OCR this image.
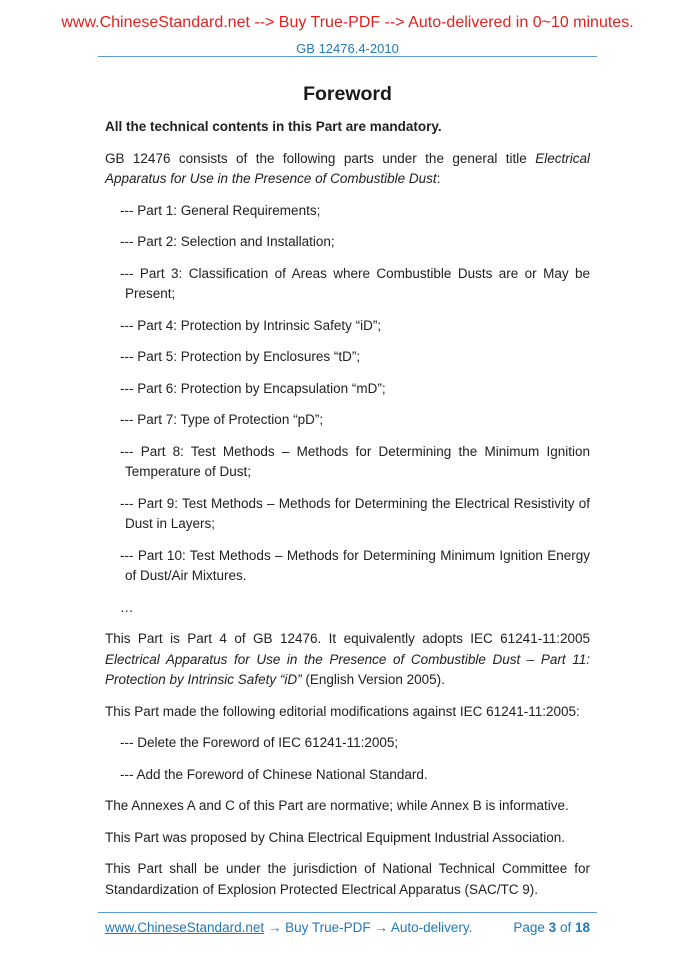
www.ChineseStandard.net --> Buy True-PDF --> Auto-delivered in 0~10 minutes.
GB 12476.4-2010
Foreword
All the technical contents in this Part are mandatory.
GB 12476 consists of the following parts under the general title Electrical Apparatus for Use in the Presence of Combustible Dust:
--- Part 1: General Requirements;
--- Part 2: Selection and Installation;
--- Part 3: Classification of Areas where Combustible Dusts are or May be Present;
--- Part 4: Protection by Intrinsic Safety “iD”;
--- Part 5: Protection by Enclosures “tD”;
--- Part 6: Protection by Encapsulation “mD”;
--- Part 7: Type of Protection “pD”;
--- Part 8: Test Methods – Methods for Determining the Minimum Ignition Temperature of Dust;
--- Part 9: Test Methods – Methods for Determining the Electrical Resistivity of Dust in Layers;
--- Part 10: Test Methods – Methods for Determining Minimum Ignition Energy of Dust/Air Mixtures.
…
This Part is Part 4 of GB 12476. It equivalently adopts IEC 61241-11:2005 Electrical Apparatus for Use in the Presence of Combustible Dust – Part 11: Protection by Intrinsic Safety “iD” (English Version 2005).
This Part made the following editorial modifications against IEC 61241-11:2005:
--- Delete the Foreword of IEC 61241-11:2005;
--- Add the Foreword of Chinese National Standard.
The Annexes A and C of this Part are normative; while Annex B is informative.
This Part was proposed by China Electrical Equipment Industrial Association.
This Part shall be under the jurisdiction of National Technical Committee for Standardization of Explosion Protected Electrical Apparatus (SAC/TC 9).
www.ChineseStandard.net → Buy True-PDF → Auto-delivery.	Page 3 of 18
